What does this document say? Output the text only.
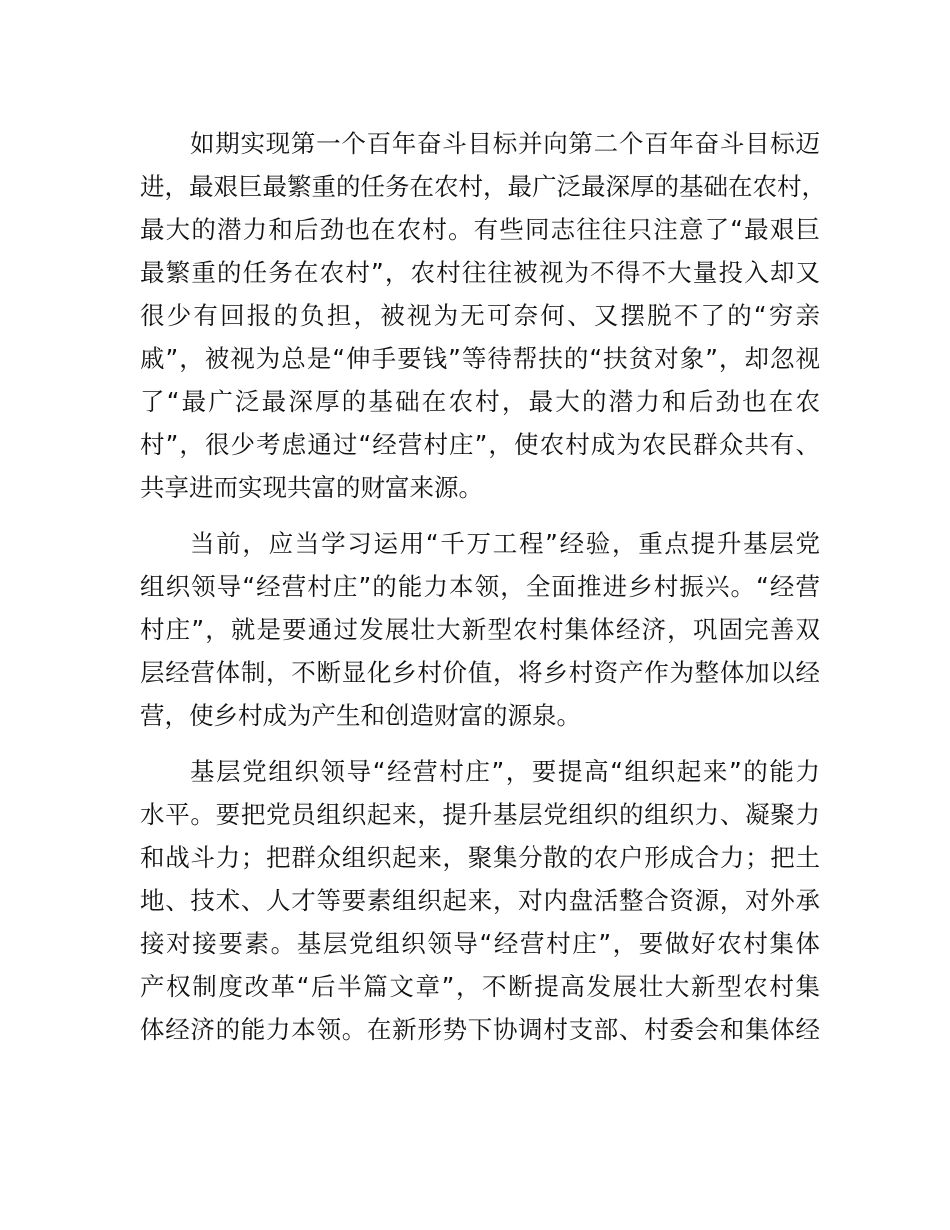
如期实现第一个百年奋斗目标并向第二个百年奋斗目标迈
进，最艰巨最繁重的任务在农村，最广泛最深厚的基础在农村，
最大的潜力和后劲也在农村。有些同志往往只注意了“最艰巨
最繁重的任务在农村”，农村往往被视为不得不大量投入却又
很少有回报的负担，被视为无可奈何、又摆脱不了的“穷亲
戚”，被视为总是“伸手要钱”等待帮扶的“扶贫对象”，却忽视
了“最广泛最深厚的基础在农村，最大的潜力和后劲也在农
村”，很少考虑通过“经营村庄”，使农村成为农民群众共有、
共享进而实现共富的财富来源。
当前，应当学习运用“千万工程”经验，重点提升基层党
组织领导“经营村庄”的能力本领，全面推进乡村振兴。“经营
村庄”，就是要通过发展壮大新型农村集体经济，巩固完善双
层经营体制，不断显化乡村价值，将乡村资产作为整体加以经
营，使乡村成为产生和创造财富的源泉。
基层党组织领导“经营村庄”，要提高“组织起来”的能力
水平。要把党员组织起来，提升基层党组织的组织力、凝聚力
和战斗力；把群众组织起来，聚集分散的农户形成合力；把土
地、技术、人才等要素组织起来，对内盘活整合资源，对外承
接对接要素。基层党组织领导“经营村庄”，要做好农村集体
产权制度改革“后半篇文章”，不断提高发展壮大新型农村集
体经济的能力本领。在新形势下协调村支部、村委会和集体经
